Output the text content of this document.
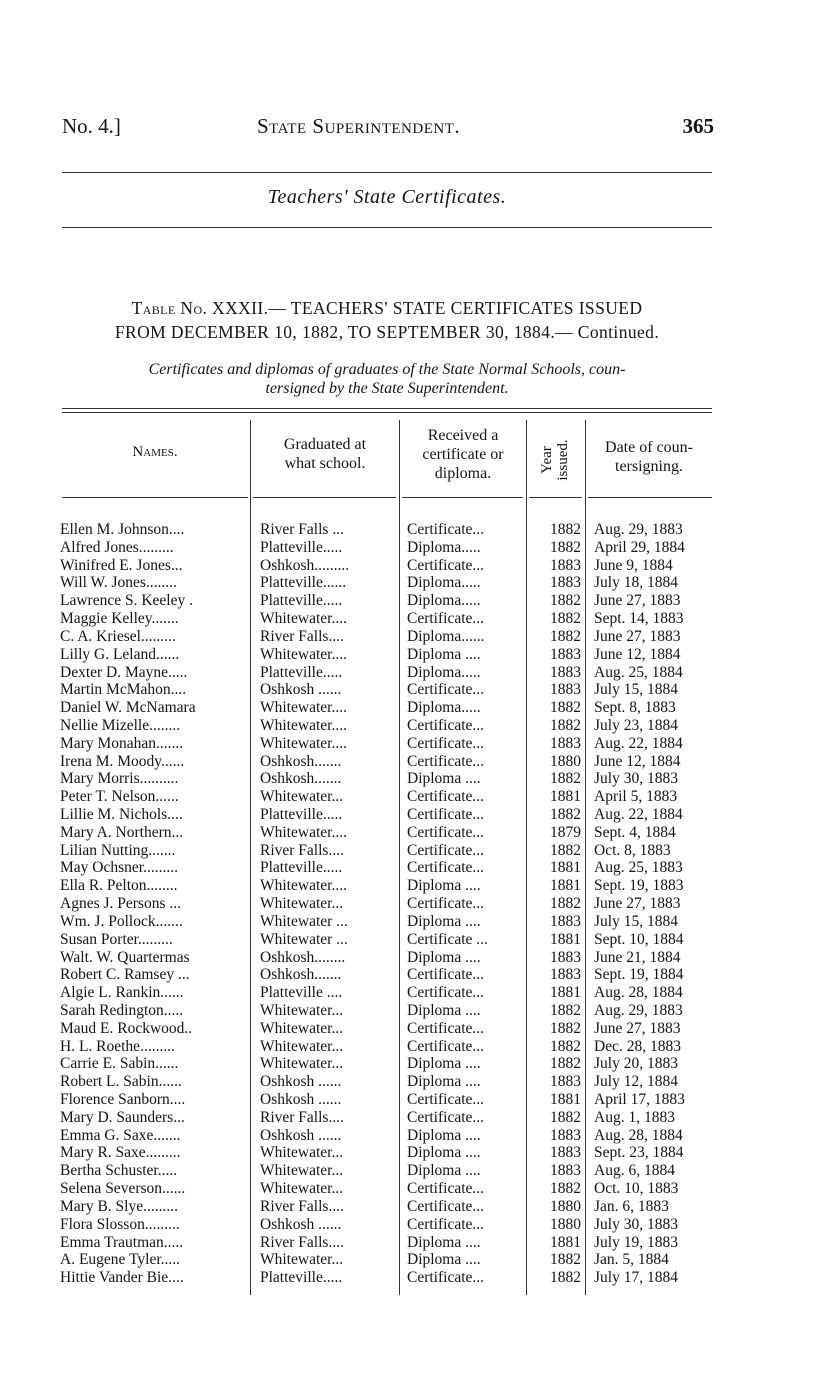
No. 4.]	State Superintendent.	365
Teachers' State Certificates.
Table No. XXXII.— TEACHERS' STATE CERTIFICATES ISSUED
FROM DECEMBER 10, 1882, TO SEPTEMBER 30, 1884.— Continued.
Certificates and diplomas of graduates of the State Normal Schools, coun-
tersigned by the State Superintendent.
Names.	Graduated at
what school.
Received a
certificate or
diploma.	Year issued.	Date of coun-
tersigning.
Ellen M. Johnson....	River Falls ...	Certificate...	1882 Aug. 29, 1883
Alfred Jones.........	Platteville.....	Diploma.....	1882 April 29, 1884
Winifred E. Jones...	Oshkosh.........	Certificate...	1883 June 9, 1884
Will W. Jones........	Platteville......	Diploma.....	1883 July 18, 1884
Lawrence S. Keeley .	Platteville.....	Diploma.....	1882 June 27, 1883
Maggie Kelley.......	Whitewater....	Certificate...	1882 Sept. 14, 1883
C. A. Kriesel.........	River Falls....	Diploma......	1882 June 27, 1883
Lilly G. Leland......	Whitewater....	Diploma ....	1883 June 12, 1884
Dexter D. Mayne.....	Platteville.....	Diploma.....	1883 Aug. 25, 1884
Martin McMahon....	Oshkosh ......	Certificate...	1883 July 15, 1884
Daniel W. McNamara	Whitewater....	Diploma.....	1882 Sept. 8, 1883
Nellie Mizelle........	Whitewater....	Certificate...	1882 July 23, 1884
Mary Monahan.......	Whitewater....	Certificate...	1883 Aug. 22, 1884
Irena M. Moody......	Oshkosh.......	Certificate...	1880 June 12, 1884
Mary Morris..........	Oshkosh.......	Diploma ....	1882 July 30, 1883
Peter T. Nelson......	Whitewater...	Certificate...	1881 April 5, 1883
Lillie M. Nichols....	Platteville.....	Certificate...	1882 Aug. 22, 1884
Mary A. Northern...	Whitewater....	Certificate...	1879 Sept. 4, 1884
Lilian Nutting.......	River Falls....	Certificate...	1882 Oct. 8, 1883
May Ochsner.........	Platteville.....	Certificate...	1881 Aug. 25, 1883
Ella R. Pelton........	Whitewater....	Diploma ....	1881 Sept. 19, 1883
Agnes J. Persons ...	Whitewater...	Certificate...	1882 June 27, 1883
Wm. J. Pollock.......	Whitewater ...	Diploma ....	1883 July 15, 1884
Susan Porter.........	Whitewater ...	Certificate ...	1881 Sept. 10, 1884
Walt. W. Quartermas	Oshkosh........	Diploma ....	1883 June 21, 1884
Robert C. Ramsey ...	Oshkosh.......	Certificate...	1883 Sept. 19, 1884
Algie L. Rankin......	Platteville ....	Certificate...	1881 Aug. 28, 1884
Sarah Redington.....	Whitewater...	Diploma ....	1882 Aug. 29, 1883
Maud E. Rockwood..	Whitewater...	Certificate...	1882 June 27, 1883
H. L. Roethe.........	Whitewater...	Certificate...	1882 Dec. 28, 1883
Carrie E. Sabin......	Whitewater...	Diploma ....	1882 July 20, 1883
Robert L. Sabin......	Oshkosh ......	Diploma ....	1883 July 12, 1884
Florence Sanborn....	Oshkosh ......	Certificate...	1881 April 17, 1883
Mary D. Saunders...	River Falls....	Certificate...	1882 Aug. 1, 1883
Emma G. Saxe.......	Oshkosh ......	Diploma ....	1883 Aug. 28, 1884
Mary R. Saxe.........	Whitewater...	Diploma ....	1883 Sept. 23, 1884
Bertha Schuster.....	Whitewater...	Diploma ....	1883 Aug. 6, 1884
Selena Severson......	Whitewater...	Certificate...	1882 Oct. 10, 1883
Mary B. Slye.........	River Falls....	Certificate...	1880 Jan. 6, 1883
Flora Slosson.........	Oshkosh ......	Certificate...	1880 July 30, 1883
Emma Trautman.....	River Falls....	Diploma ....	1881 July 19, 1883
A. Eugene Tyler.....	Whitewater...	Diploma ....	1882 Jan. 5, 1884
Hittie Vander Bie....	Platteville.....	Certificate...	1882 July 17, 1884
